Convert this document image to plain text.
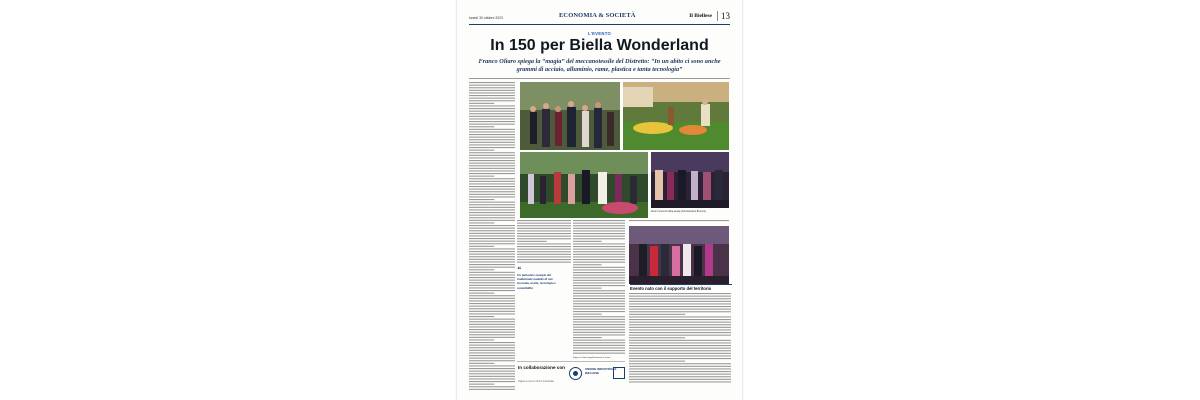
lunedì 30 ottobre 2023	ECONOMIA & SOCIETÀ	Il Biellese	13
L'EVENTO
In 150 per Biella Wonderland
Franco Oliaro spiega la “magia” del meccanotessile del Distretto: “In un abito ci sono anche grammi di acciaio, alluminio, rame, plastica e tanta tecnologia”
Alcuni momenti della serata (foto Damiano Brunero)
“
Un fantastico esempio del tradizionale modello di rete tra moda, tessile, tecnologia e sostenibilità
Rapper ha fatto l'appello durante la serata
Evento nato con il supporto del territorio
In collaborazione con
Pagina a cura di Union Industriale
UNIONE INDUSTRIALE BIELLESE
